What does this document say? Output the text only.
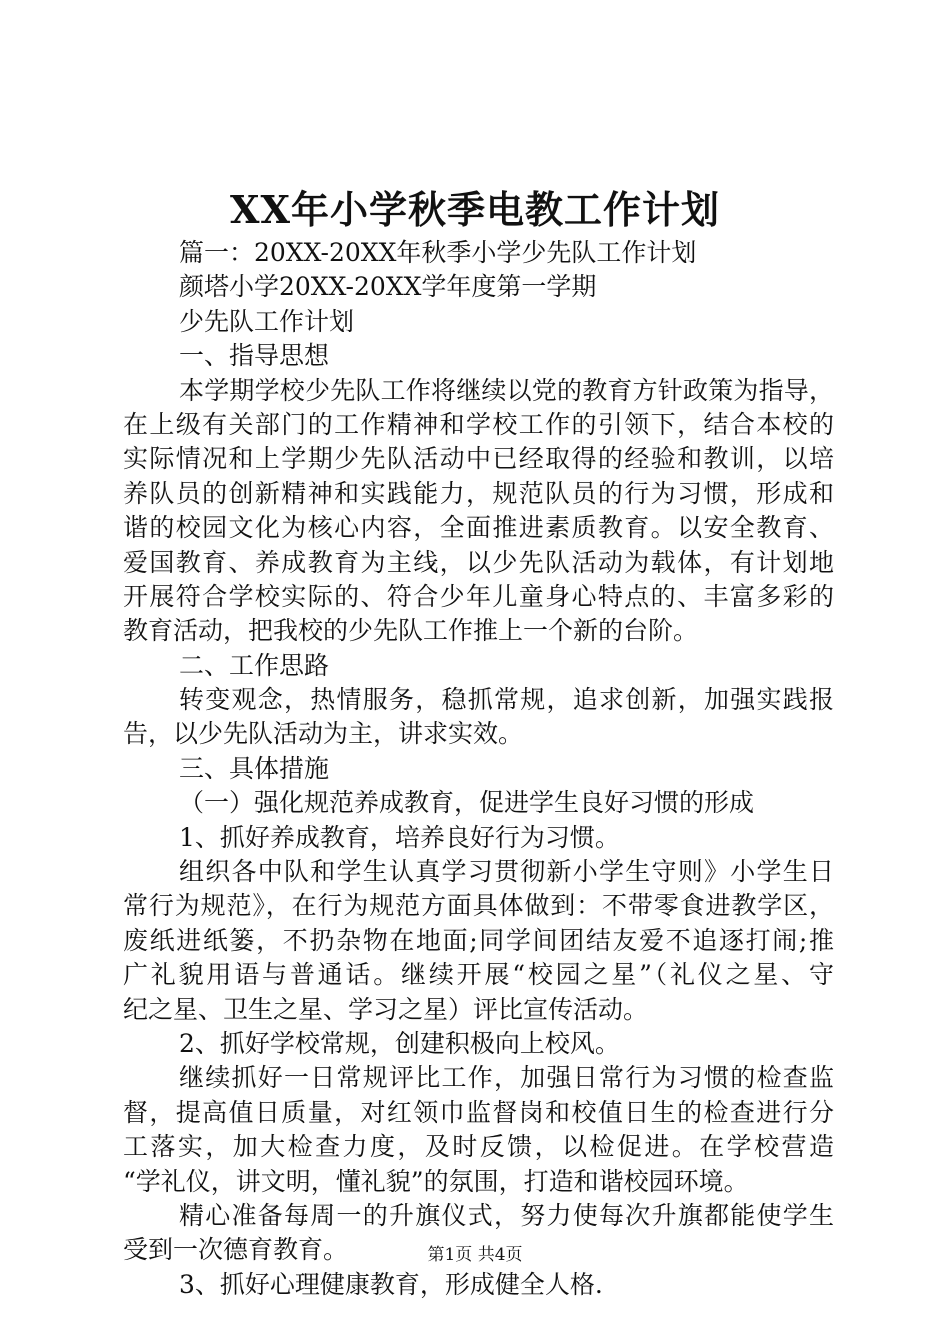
XX年小学秋季电教工作计划
篇一：20XX-20XX年秋季小学少先队工作计划
颜塔小学20XX-20XX学年度第一学期
少先队工作计划
一、指导思想
本学期学校少先队工作将继续以党的教育方针政策为指导，
在上级有关部门的工作精神和学校工作的引领下，结合本校的
实际情况和上学期少先队活动中已经取得的经验和教训，以培
养队员的创新精神和实践能力，规范队员的行为习惯，形成和
谐的校园文化为核心内容，全面推进素质教育。以安全教育、
爱国教育、养成教育为主线，以少先队活动为载体，有计划地
开展符合学校实际的、符合少年儿童身心特点的、丰富多彩的
教育活动，把我校的少先队工作推上一个新的台阶。
二、工作思路
转变观念，热情服务，稳抓常规，追求创新，加强实践报
告，以少先队活动为主，讲求实效。
三、具体措施
（一）强化规范养成教育，促进学生良好习惯的形成
1、抓好养成教育，培养良好行为习惯。
组织各中队和学生认真学习贯彻新小学生守则》小学生日
常行为规范》，在行为规范方面具体做到：不带零食进教学区，
废纸进纸篓，不扔杂物在地面;同学间团结友爱不追逐打闹;推
广礼貌用语与普通话。继续开展“校园之星”（礼仪之星、守
纪之星、卫生之星、学习之星）评比宣传活动。
2、抓好学校常规，创建积极向上校风。
继续抓好一日常规评比工作，加强日常行为习惯的检查监
督，提高值日质量，对红领巾监督岗和校值日生的检查进行分
工落实，加大检查力度，及时反馈，以检促进。在学校营造
“学礼仪，讲文明，懂礼貌”的氛围，打造和谐校园环境。
精心准备每周一的升旗仪式，努力使每次升旗都能使学生
受到一次德育教育。
3、抓好心理健康教育，形成健全人格.
第1页 共4页
